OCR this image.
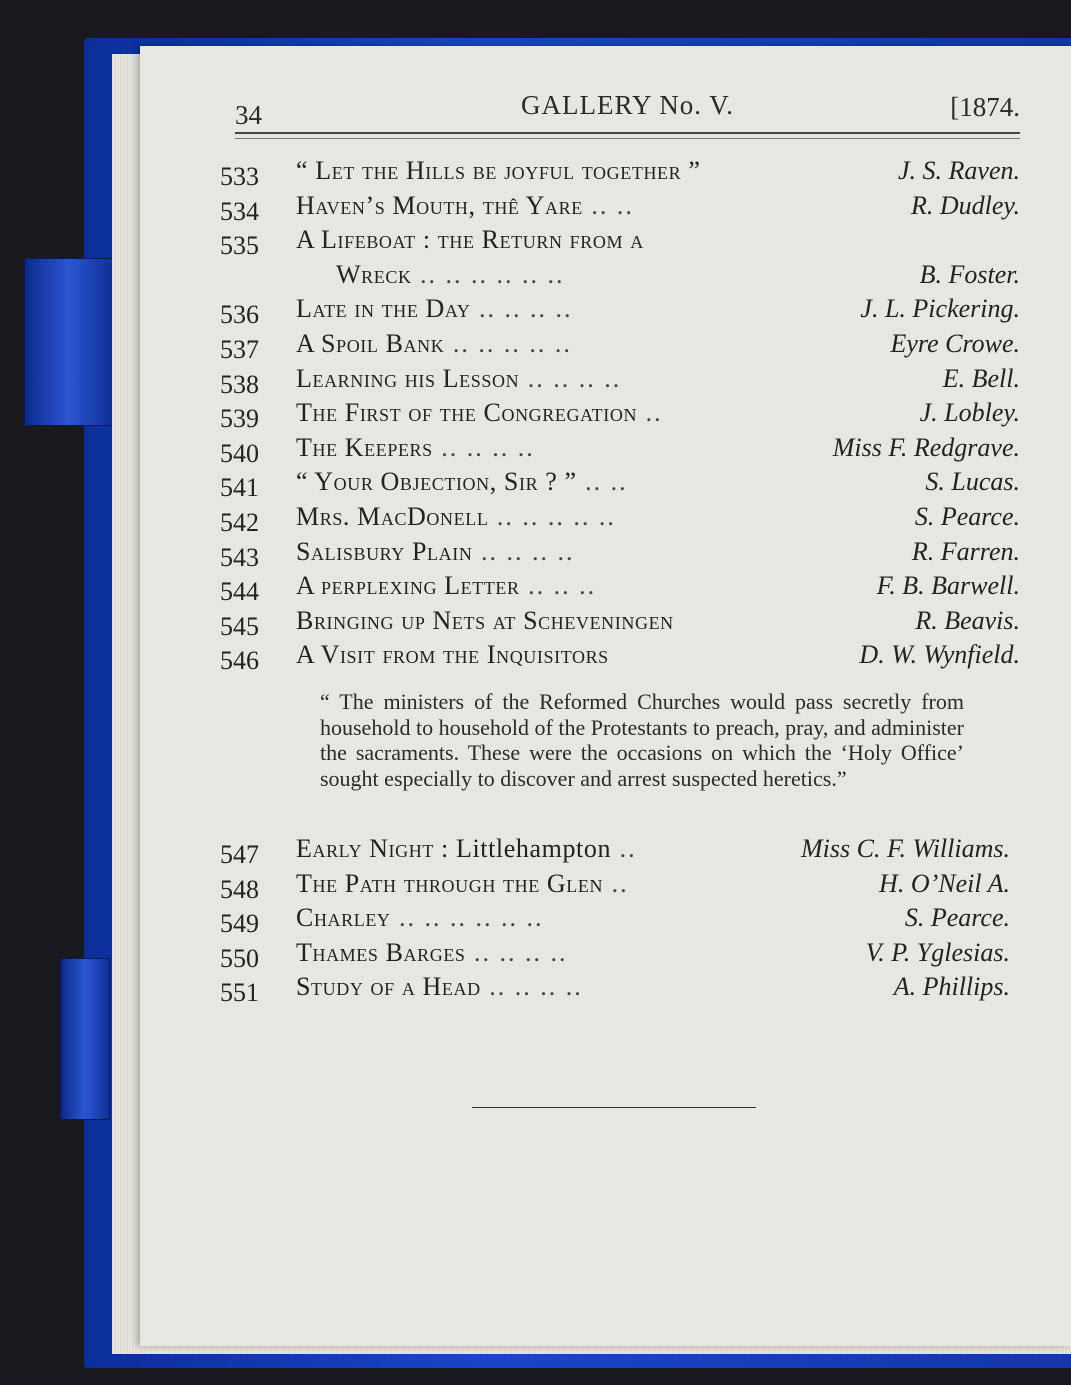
34	GALLERY No. V.	[1874.
533	“ Let the Hills be joyful together ”	J. S. Raven.
534	Haven’s Mouth, thê Yare .. ..	R. Dudley.
535	A Lifeboat : the Return from a
Wreck .. .. .. .. .. ..	B. Foster.
536	Late in the Day .. .. .. ..	J. L. Pickering.
537	A Spoil Bank .. .. .. .. ..	Eyre Crowe.
538	Learning his Lesson .. .. .. ..	E. Bell.
539	The First of the Congregation ..	J. Lobley.
540	The Keepers .. .. .. ..	Miss F. Redgrave.
541	“ Your Objection, Sir ? ” .. ..	S. Lucas.
542	Mrs. MacDonell .. .. .. .. ..	S. Pearce.
543	Salisbury Plain .. .. .. ..	R. Farren.
544	A perplexing Letter .. .. ..	F. B. Barwell.
545	Bringing up Nets at Scheveningen	R. Beavis.
546	A Visit from the Inquisitors	D. W. Wynfield.
“ The ministers of the Reformed Churches would pass secretly from household to household of the Protestants to preach, pray, and administer the sacraments. These were the occasions on which the ‘Holy Office’ sought especially to discover and arrest suspected heretics.”
547	Early Night : Littlehampton ..	Miss C. F. Williams.
548	The Path through the Glen ..	H. O’Neil A.
549	Charley .. .. .. .. .. ..	S. Pearce.
550	Thames Barges .. .. .. ..	V. P. Yglesias.
551	Study of a Head .. .. .. ..	A. Phillips.
